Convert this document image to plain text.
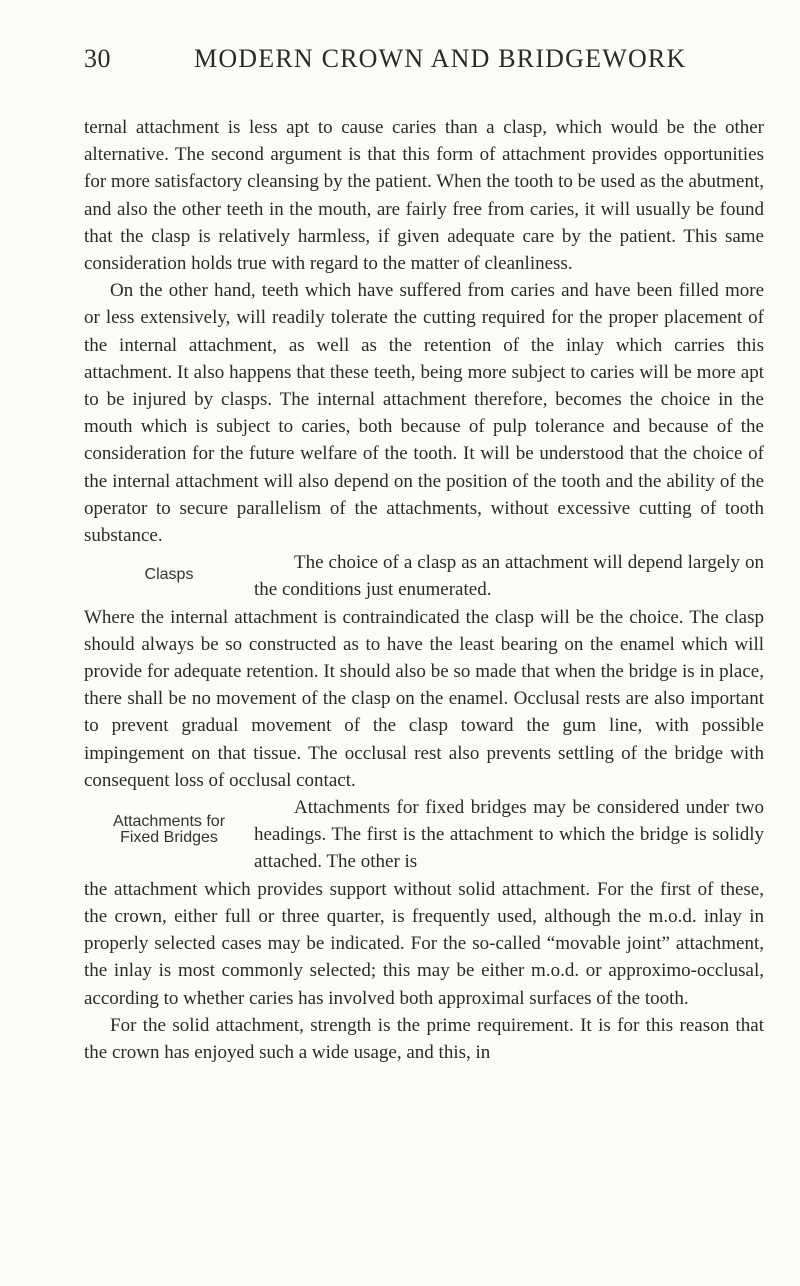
30	MODERN CROWN AND BRIDGEWORK

ternal attachment is less apt to cause caries than a clasp, which would be the other alternative. The second argument is that this form of attachment provides opportunities for more satisfactory cleansing by the patient. When the tooth to be used as the abutment, and also the other teeth in the mouth, are fairly free from caries, it will usually be found that the clasp is relatively harmless, if given adequate care by the patient. This same consideration holds true with regard to the matter of cleanliness.

On the other hand, teeth which have suffered from caries and have been filled more or less extensively, will readily tolerate the cutting required for the proper placement of the internal attachment, as well as the retention of the inlay which carries this attachment. It also happens that these teeth, being more subject to caries will be more apt to be injured by clasps. The internal attachment therefore, becomes the choice in the mouth which is subject to caries, both because of pulp tolerance and because of the consideration for the future welfare of the tooth. It will be understood that the choice of the internal attachment will also depend on the position of the tooth and the ability of the operator to secure parallelism of the attachments, without excessive cutting of tooth substance.

Clasps
The choice of a clasp as an attachment will depend largely on the conditions just enumerated.

Where the internal attachment is contraindicated the clasp will be the choice. The clasp should always be so constructed as to have the least bearing on the enamel which will provide for adequate retention. It should also be so made that when the bridge is in place, there shall be no movement of the clasp on the enamel. Occlusal rests are also important to prevent gradual movement of the clasp toward the gum line, with possible impingement on that tissue. The occlusal rest also prevents settling of the bridge with consequent loss of occlusal contact.

Attachments for
Fixed Bridges
Attachments for fixed bridges may be considered under two headings. The first is the attachment to which the bridge is solidly attached. The other is

the attachment which provides support without solid attachment. For the first of these, the crown, either full or three quarter, is frequently used, although the m.o.d. inlay in properly selected cases may be indicated. For the so-called “movable joint” attachment, the inlay is most commonly selected; this may be either m.o.d. or approximo-occlusal, according to whether caries has involved both approximal surfaces of the tooth.

For the solid attachment, strength is the prime requirement. It is for this reason that the crown has enjoyed such a wide usage, and this, in
